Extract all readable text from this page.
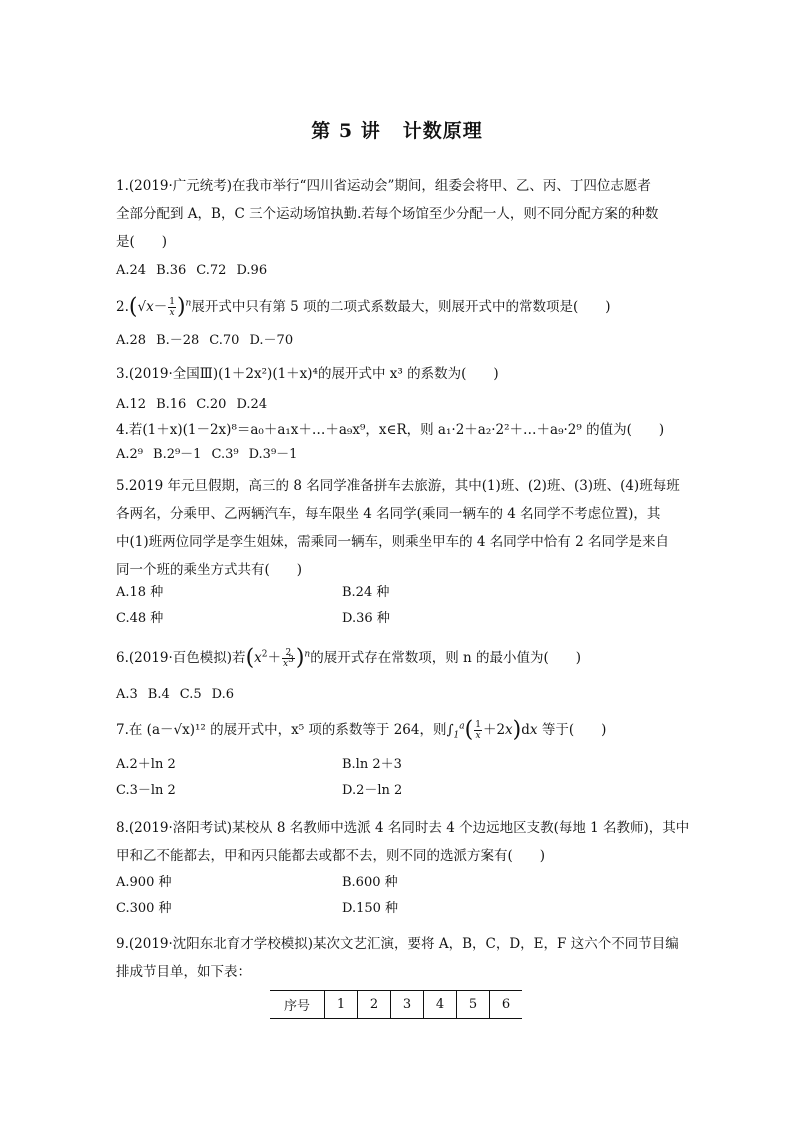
第 5 讲 计数原理
1.(2019·广元统考)在我市举行“四川省运动会”期间，组委会将甲、乙、丙、丁四位志愿者
全部分配到 A，B，C 三个运动场馆执勤.若每个场馆至少分配一人，则不同分配方案的种数
是(　　)
A.24 B.36 C.72 D.96
$2.(√x- \frac{1}{x} )^n$展开式中只有第 5 项的二项式系数最大，则展开式中的常数项是(　　)
A.28 B.－28 C.70 D.－70
3.(2019·全国Ⅲ)(1＋2x²)(1＋x)⁴的展开式中 x³ 的系数为(　　)
A.12 B.16 C.20 D.24
4.若(1＋x)(1－2x)⁸＝a₀＋a₁x＋…＋a₉x⁹，x∈R，则 a₁·2＋a₂·2²＋…＋a₉·2⁹ 的值为(　　)
A.2⁹ B.2⁹－1 C.3⁹ D.3⁹－1
5.2019 年元旦假期，高三的 8 名同学准备拼车去旅游，其中(1)班、(2)班、(3)班、(4)班每班
各两名，分乘甲、乙两辆汽车，每车限坐 4 名同学(乘同一辆车的 4 名同学不考虑位置)，其
中(1)班两位同学是孪生姐妹，需乘同一辆车，则乘坐甲车的 4 名同学中恰有 2 名同学是来自
同一个班的乘坐方式共有(　　)
A.18 种	B.24 种
C.48 种	D.36 种
6.(2019·百色模拟)若$(x^2+ \frac{2}{x^3} )^n$的展开式存在常数项，则 n 的最小值为(　　)
A.3 B.4 C.5 D.6
7.在 (a－√x)¹² 的展开式中，x⁵ 项的系数等于 264，则$\int_1^a( \frac{1}{x} +2x)dx$ 等于(　　)
A.2＋ln 2	B.ln 2＋3
C.3－ln 2	D.2－ln 2
8.(2019·洛阳考试)某校从 8 名教师中选派 4 名同时去 4 个边远地区支教(每地 1 名教师)，其中
甲和乙不能都去，甲和丙只能都去或都不去，则不同的选派方案有(　　)
A.900 种	B.600 种
C.300 种	D.150 种
9.(2019·沈阳东北育才学校模拟)某次文艺汇演，要将 A，B，C，D，E，F 这六个不同节目编
排成节目单，如下表：
序号	1	2	3	4	5	6
